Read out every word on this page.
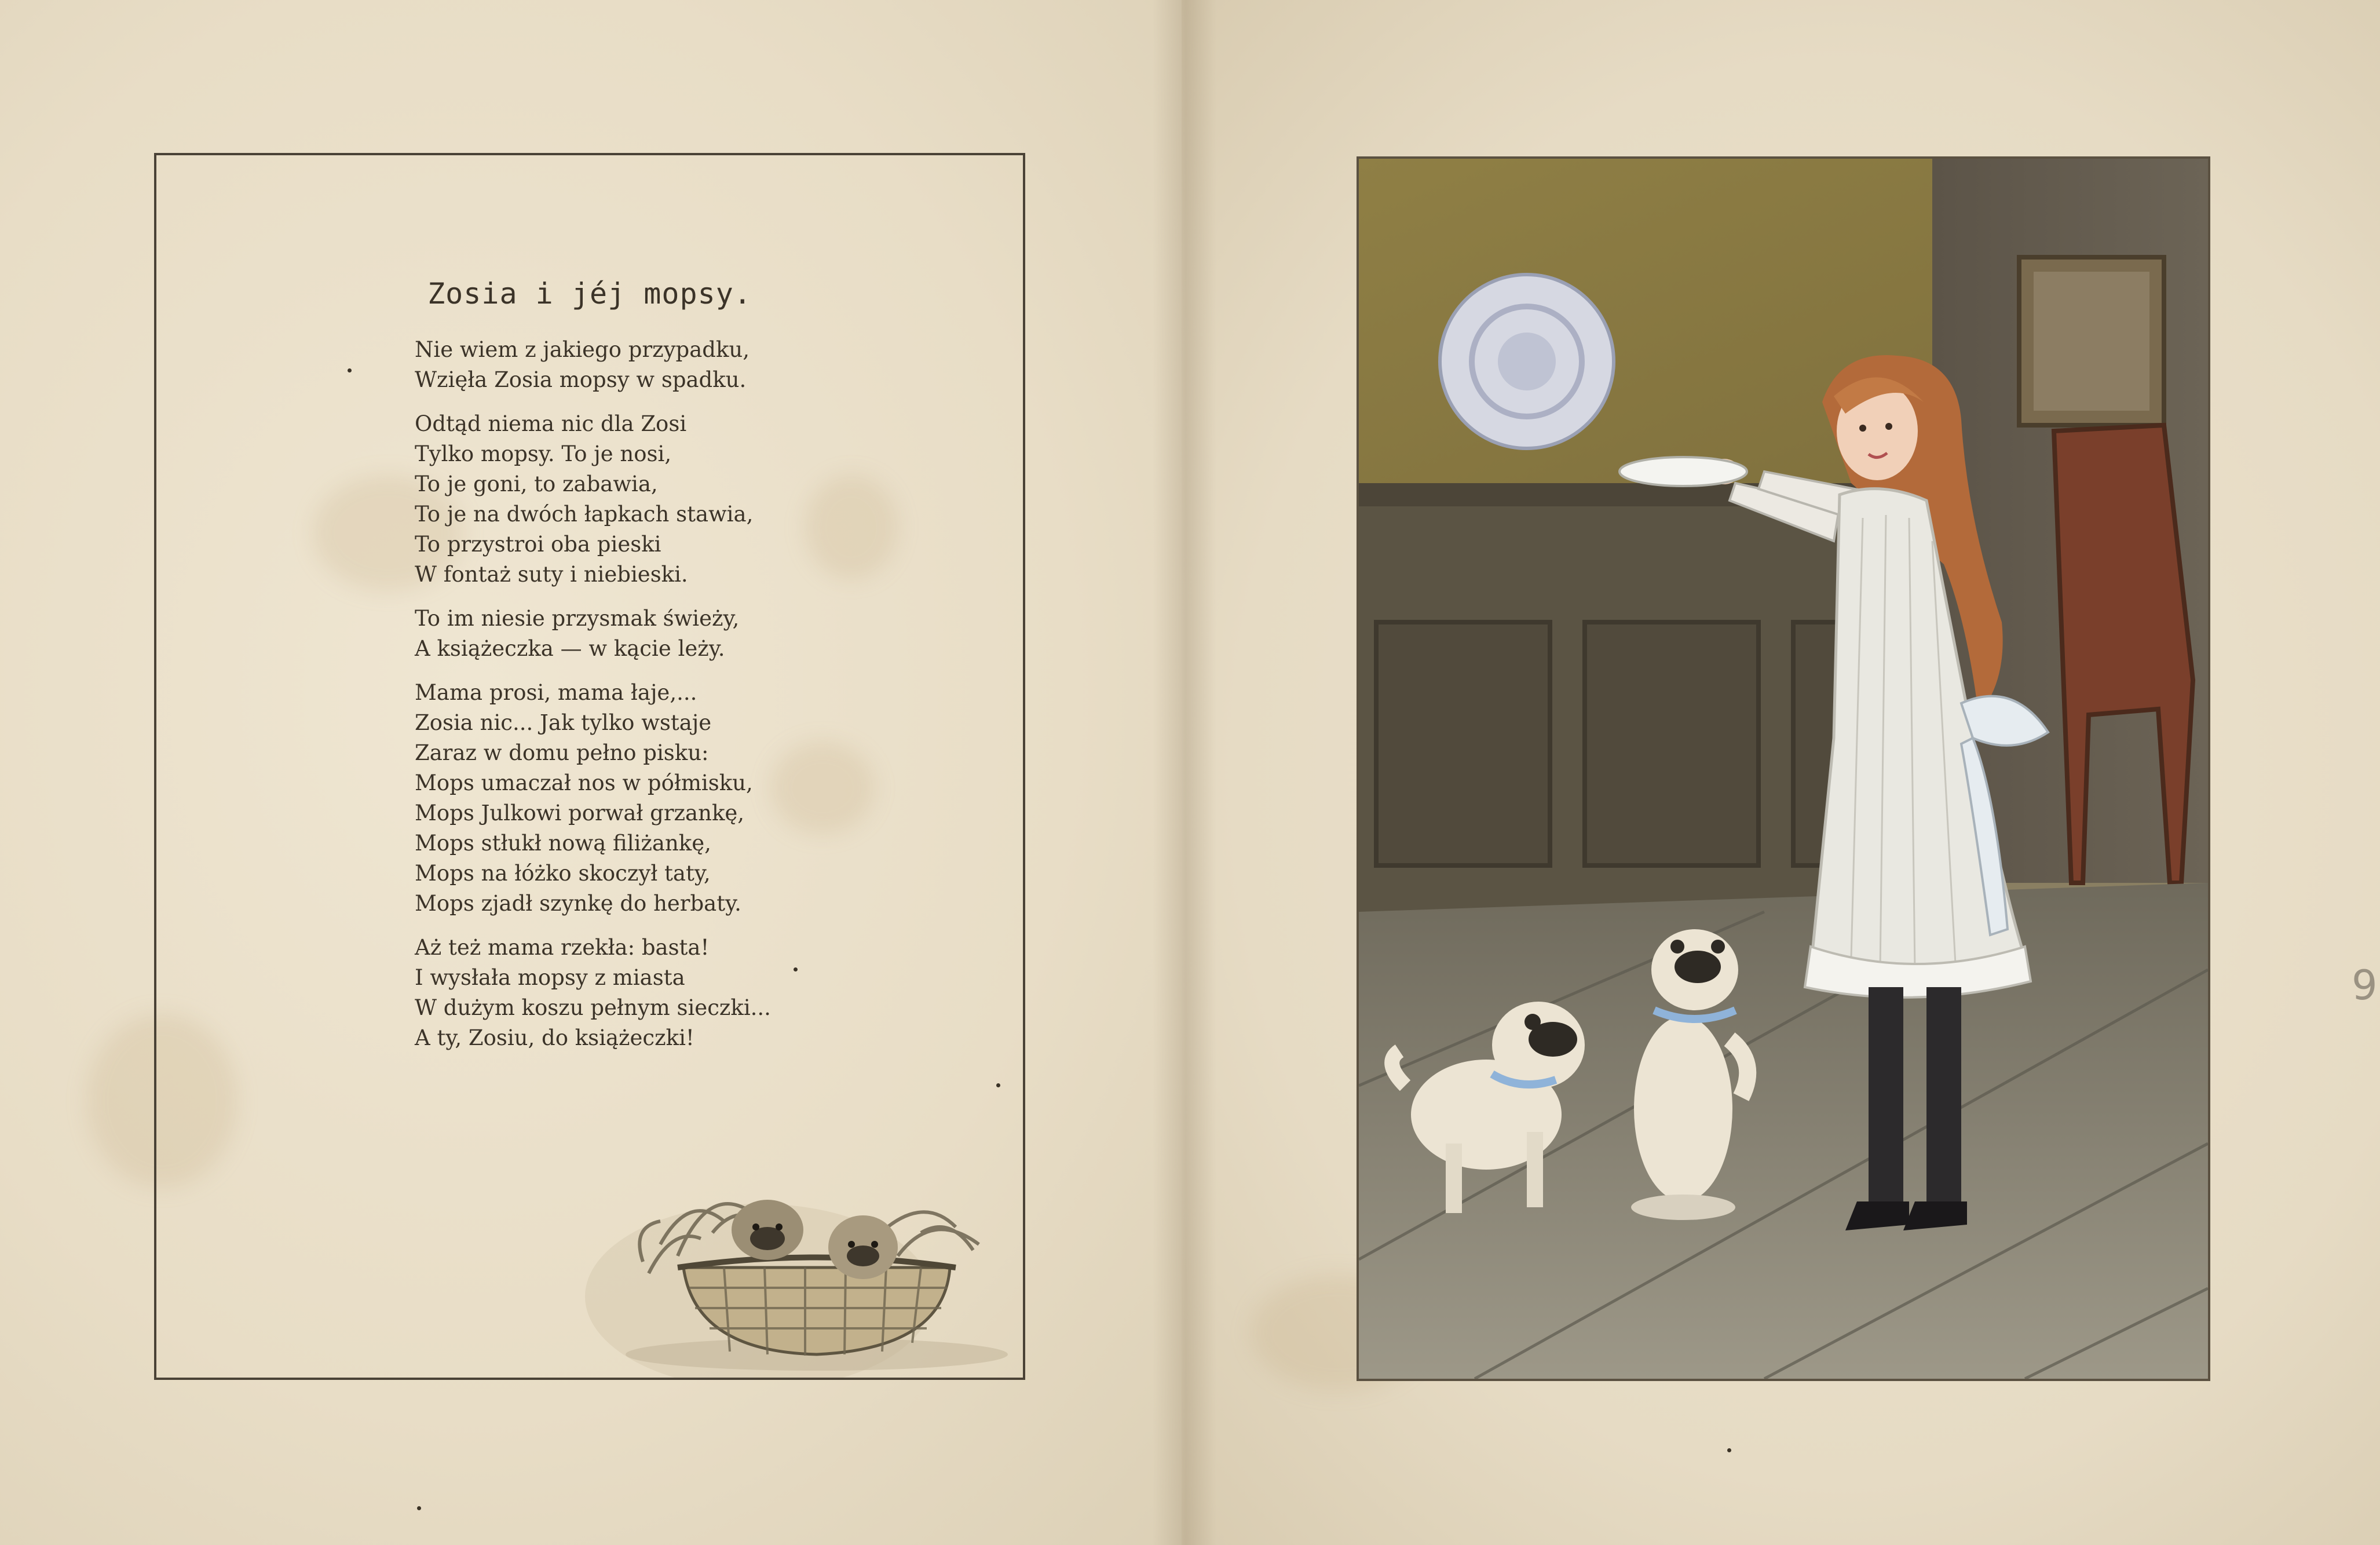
Zosia i jéj mopsy.
Nie wiem z jakiego przypadku,
Wzięła Zosia mopsy w spadku.
Odtąd niema nic dla Zosi
Tylko mopsy. To je nosi,
To je goni, to zabawia,
To je na dwóch łapkach stawia,
To przystroi oba pieski
W fontaż suty i niebieski.
To im niesie przysmak świeży,
A książeczka — w kącie leży.
Mama prosi, mama łaje,...
Zosia nic... Jak tylko wstaje
Zaraz w domu pełno pisku:
Mops umaczał nos w półmisku,
Mops Julkowi porwał grzankę,
Mops stłukł nową filiżankę,
Mops na łóżko skoczył taty,
Mops zjadł szynkę do herbaty.
Aż też mama rzekła: basta!
I wysłała mopsy z miasta
W dużym koszu pełnym sieczki...
A ty, Zosiu, do książeczki!
9
